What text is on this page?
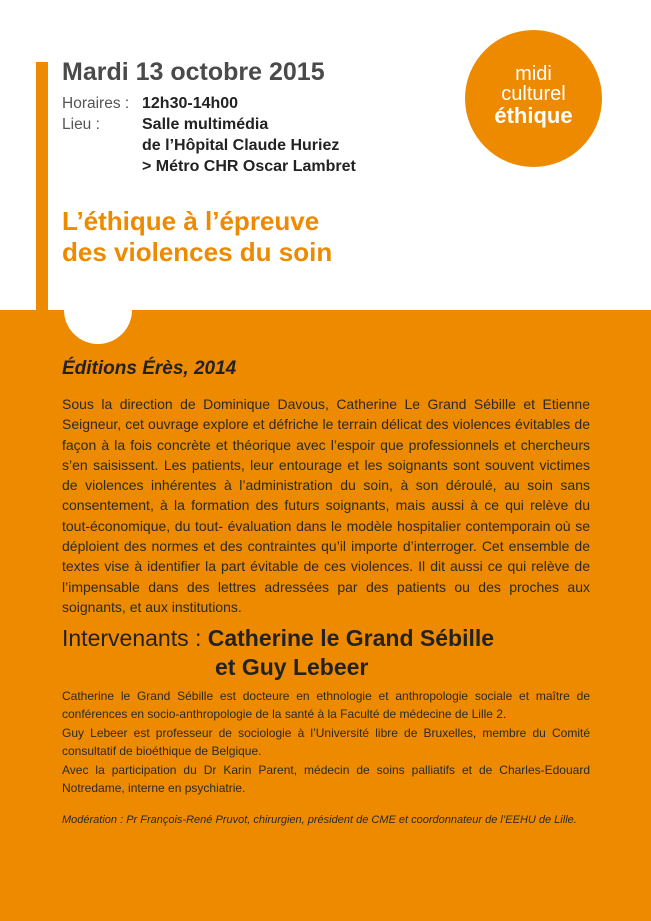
Mardi 13 octobre 2015
Horaires : 12h30-14h00
Lieu :	Salle multimédia
de l’Hôpital Claude Huriez
> Métro CHR Oscar Lambret
L’éthique à l’épreuve
des violences du soin
midi
culturel
éthique
Éditions Érès, 2014

Sous la direction de Dominique Davous, Catherine Le Grand Sébille et Etienne Seigneur, cet ouvrage explore et défriche le terrain délicat des violences évitables de façon à la fois concrète et théorique avec l’espoir que professionnels et chercheurs s’en saisissent. Les patients, leur entourage et les soignants sont souvent victimes de violences inhérentes à l’administration du soin, à son déroulé, au soin sans consentement, à la formation des futurs soignants, mais aussi à ce qui relève du tout-économique, du tout- évaluation dans le modèle hospitalier contemporain où se déploient des normes et des contraintes qu’il importe d’interroger. Cet ensemble de textes vise à identifier la part évitable de ces violences. Il dit aussi ce qui relève de l’impensable dans des lettres adressées par des patients ou des proches aux soignants, et aux institutions.

Intervenants : Catherine le Grand Sébille
et Guy Lebeer

Catherine le Grand Sébille est docteure en ethnologie et anthropologie sociale et maître de conférences en socio-anthropologie de la santé à la Faculté de médecine de Lille 2.

Guy Lebeer est professeur de sociologie à l’Université libre de Bruxelles, membre du Comité consultatif de bioéthique de Belgique.

Avec la participation du Dr Karin Parent, médecin de soins palliatifs et de Charles-Edouard Notredame, interne en psychiatrie.

Modération : Pr François-René Pruvot, chirurgien, président de CME et coordonnateur de l’EEHU de Lille.
